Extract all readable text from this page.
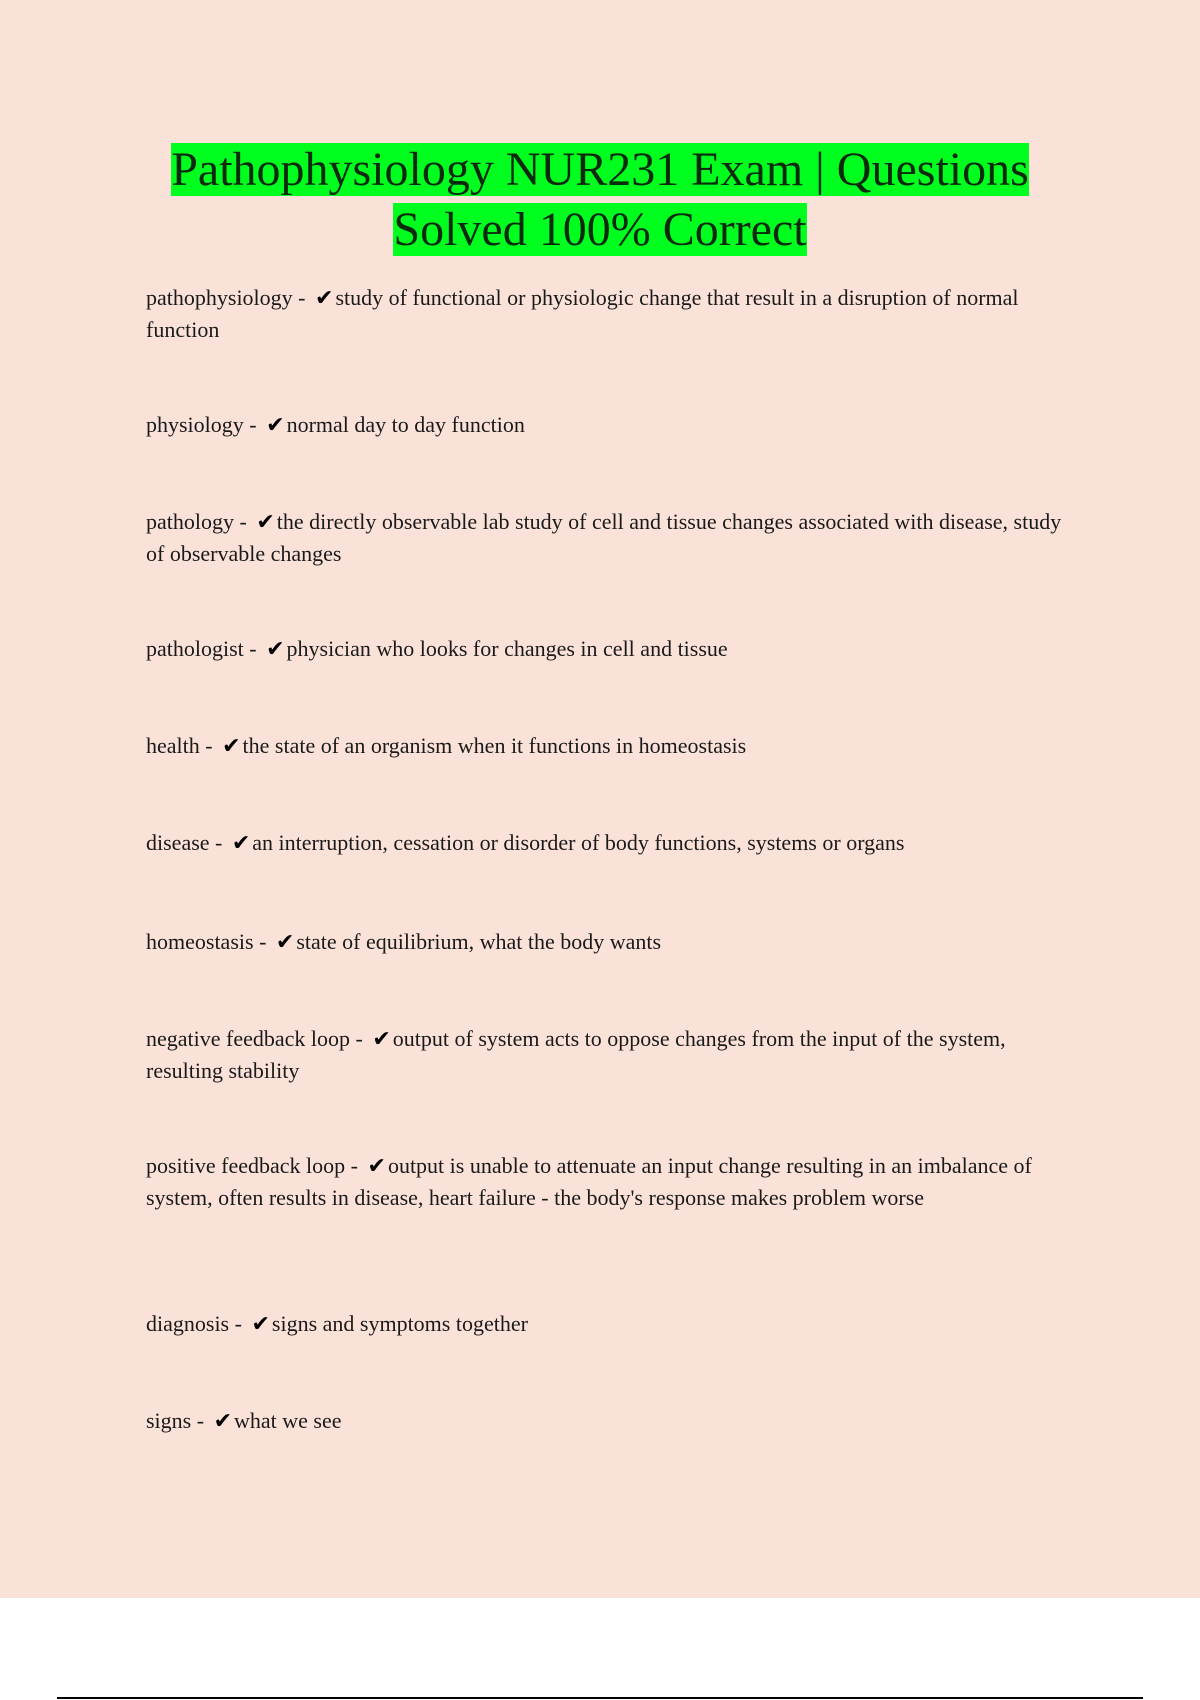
Pathophysiology NUR231 Exam | Questions
Solved 100% Correct
pathophysiology - ✔study of functional or physiologic change that result in a disruption of normal function
physiology - ✔normal day to day function
pathology - ✔the directly observable lab study of cell and tissue changes associated with disease, study of observable changes
pathologist - ✔physician who looks for changes in cell and tissue
health - ✔the state of an organism when it functions in homeostasis
disease - ✔an interruption, cessation or disorder of body functions, systems or organs
homeostasis - ✔state of equilibrium, what the body wants
negative feedback loop - ✔output of system acts to oppose changes from the input of the system, resulting stability
positive feedback loop - ✔output is unable to attenuate an input change resulting in an imbalance of system, often results in disease, heart failure - the body's response makes problem worse
diagnosis - ✔signs and symptoms together
signs - ✔what we see
